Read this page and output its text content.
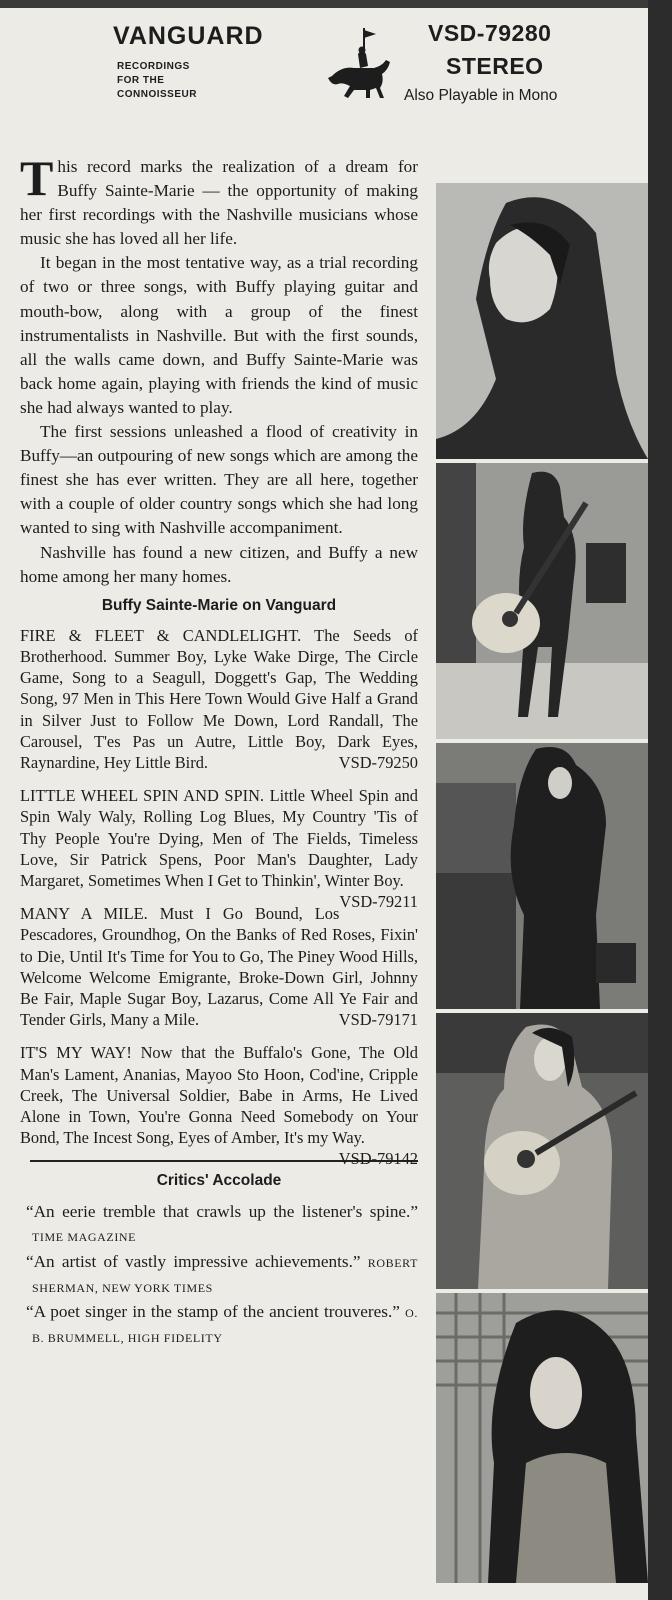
VANGUARD
RECORDINGS
FOR THE
CONNOISSEUR
VSD-79280
STEREO
Also Playable in Mono

This record marks the realization of a dream for Buffy Sainte-Marie — the opportunity of making her first recordings with the Nashville musicians whose music she has loved all her life.

It began in the most tentative way, as a trial recording of two or three songs, with Buffy playing guitar and mouth-bow, along with a group of the finest instrumentalists in Nashville. But with the first sounds, all the walls came down, and Buffy Sainte-Marie was back home again, playing with friends the kind of music she had always wanted to play.

The first sessions unleashed a flood of creativity in Buffy—an outpouring of new songs which are among the finest she has ever written. They are all here, together with a couple of older country songs which she had long wanted to sing with Nashville accompaniment.

Nashville has found a new citizen, and Buffy a new home among her many homes.

Buffy Sainte-Marie on Vanguard

FIRE & FLEET & CANDLELIGHT. The Seeds of Brotherhood. Summer Boy, Lyke Wake Dirge, The Circle Game, Song to a Seagull, Doggett's Gap, The Wedding Song, 97 Men in This Here Town Would Give Half a Grand in Silver Just to Follow Me Down, Lord Randall, The Carousel, T'es Pas un Autre, Little Boy, Dark Eyes, Raynardine, Hey Little Bird.	VSD-79250

LITTLE WHEEL SPIN AND SPIN. Little Wheel Spin and Spin Waly Waly, Rolling Log Blues, My Country 'Tis of Thy People You're Dying, Men of The Fields, Timeless Love, Sir Patrick Spens, Poor Man's Daughter, Lady Margaret, Sometimes When I Get to Thinkin', Winter Boy.
VSD-79211

MANY A MILE. Must I Go Bound, Los Pescadores, Groundhog, On the Banks of Red Roses, Fixin' to Die, Until It's Time for You to Go, The Piney Wood Hills, Welcome Welcome Emigrante, Broke-Down Girl, Johnny Be Fair, Maple Sugar Boy, Lazarus, Come All Ye Fair and Tender Girls, Many a Mile.	VSD-79171

IT'S MY WAY! Now that the Buffalo's Gone, The Old Man's Lament, Ananias, Mayoo Sto Hoon, Cod'ine, Cripple Creek, The Universal Soldier, Babe in Arms, He Lived Alone in Town, You're Gonna Need Somebody on Your Bond, The Incest Song, Eyes of Amber, It's my Way.
VSD-79142

Critics' Accolade

“An eerie tremble that crawls up the listener's spine.” TIME MAGAZINE

“An artist of vastly impressive achievements.” ROBERT SHERMAN, NEW YORK TIMES

“A poet singer in the stamp of the ancient trouveres.” O. B. BRUMMELL, HIGH FIDELITY
